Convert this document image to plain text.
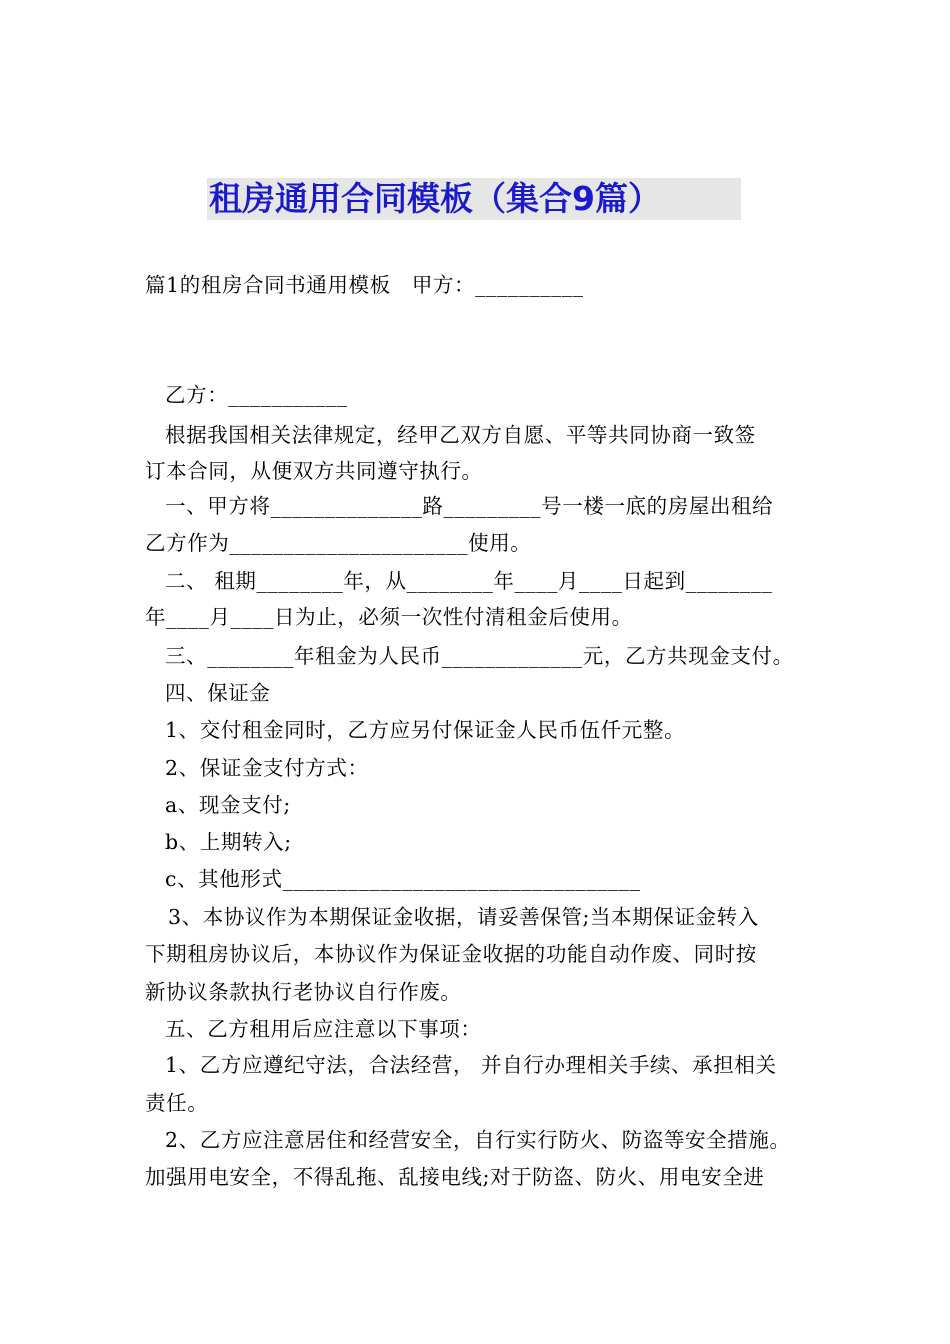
租房通用合同模板（集合9篇）
篇1的租房合同书通用模板　甲方：__________
乙方：___________
根据我国相关法律规定，经甲乙双方自愿、平等共同协商一致签
订本合同，从便双方共同遵守执行。
一、甲方将______________路_________号一楼一底的房屋出租给
乙方作为______________________使用。
二、 租期________年，从________年____月____日起到________
年____月____日为止，必须一次性付清租金后使用。
三、________年租金为人民币_____________元，乙方共现金支付。
四、保证金
1、交付租金同时，乙方应另付保证金人民币伍仟元整。
2、保证金支付方式：
a、现金支付;
b、上期转入;
c、其他形式_________________________________
3、本协议作为本期保证金收据，请妥善保管;当本期保证金转入
下期租房协议后，本协议作为保证金收据的功能自动作废、同时按
新协议条款执行老协议自行作废。
五、乙方租用后应注意以下事项：
1、乙方应遵纪守法，合法经营， 并自行办理相关手续、承担相关
责任。
2、乙方应注意居住和经营安全，自行实行防火、防盗等安全措施。
加强用电安全，不得乱拖、乱接电线;对于防盗、防火、用电安全进
